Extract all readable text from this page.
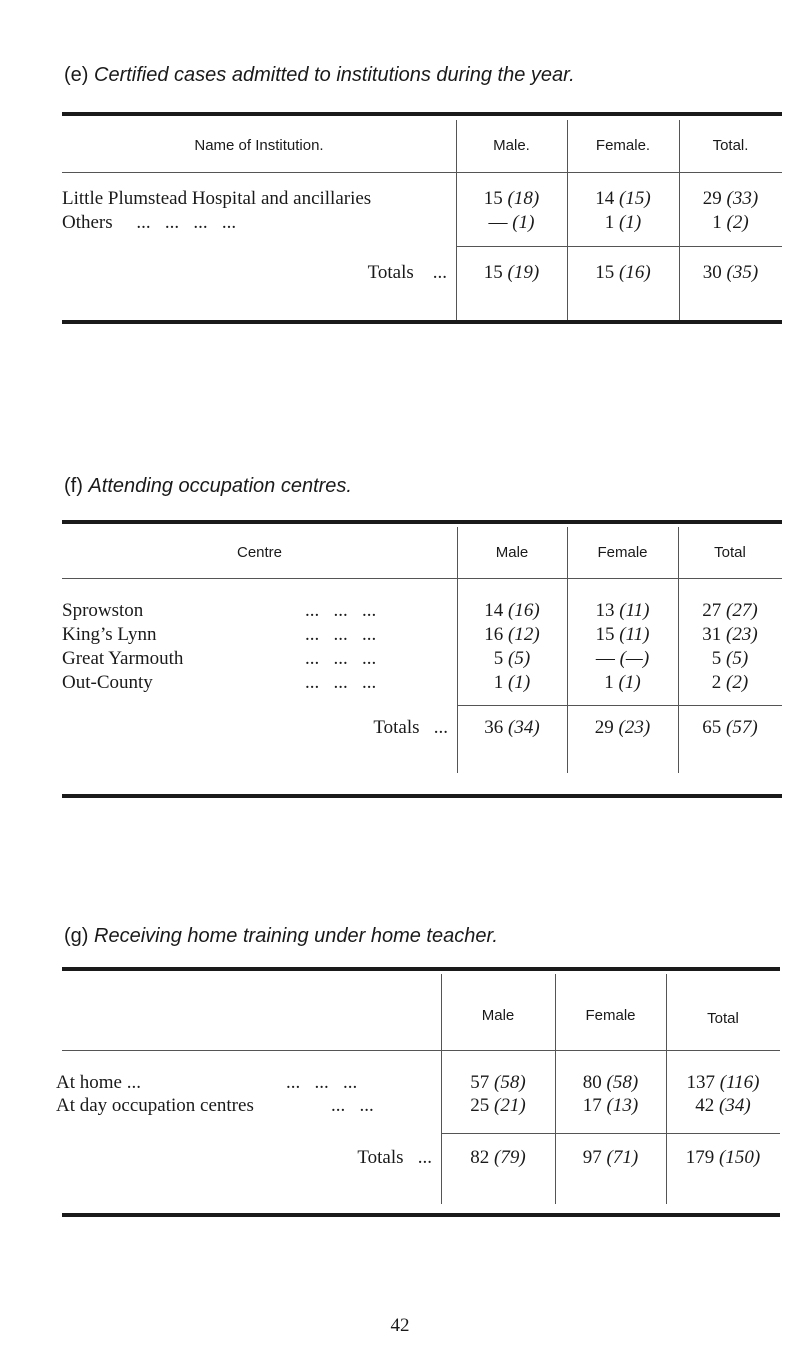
(e) Certified cases admitted to institutions during the year.
Name of Institution.	Male.	Female.	Total.
Little Plumstead Hospital and ancillaries	15 (18)	14 (15)	29 (33)
Others ...   ...   ...   ...	— (1)	1 (1)	1 (2)
Totals ...	15 (19)	15 (16)	30 (35)
(f) Attending occupation centres.
Centre	Male	Female	Total
Sprowston	...   ...   ...	14 (16)	13 (11)	27 (27)
King’s Lynn	...   ...   ...	16 (12)	15 (11)	31 (23)
Great Yarmouth	...   ...   ...	5 (5)	— (—)	5 (5)
Out-County	...   ...   ...	1 (1)	1 (1)	2 (2)
Totals ...	36 (34)	29 (23)	65 (57)
(g) Receiving home training under home teacher.
Male	Female	Total
At home ...	...   ...   ...	57 (58)	80 (58)	137 (116)
At day occupation centres	...   ...	25 (21)	17 (13)	42 (34)
Totals ...	82 (79)	97 (71)	179 (150)
42
